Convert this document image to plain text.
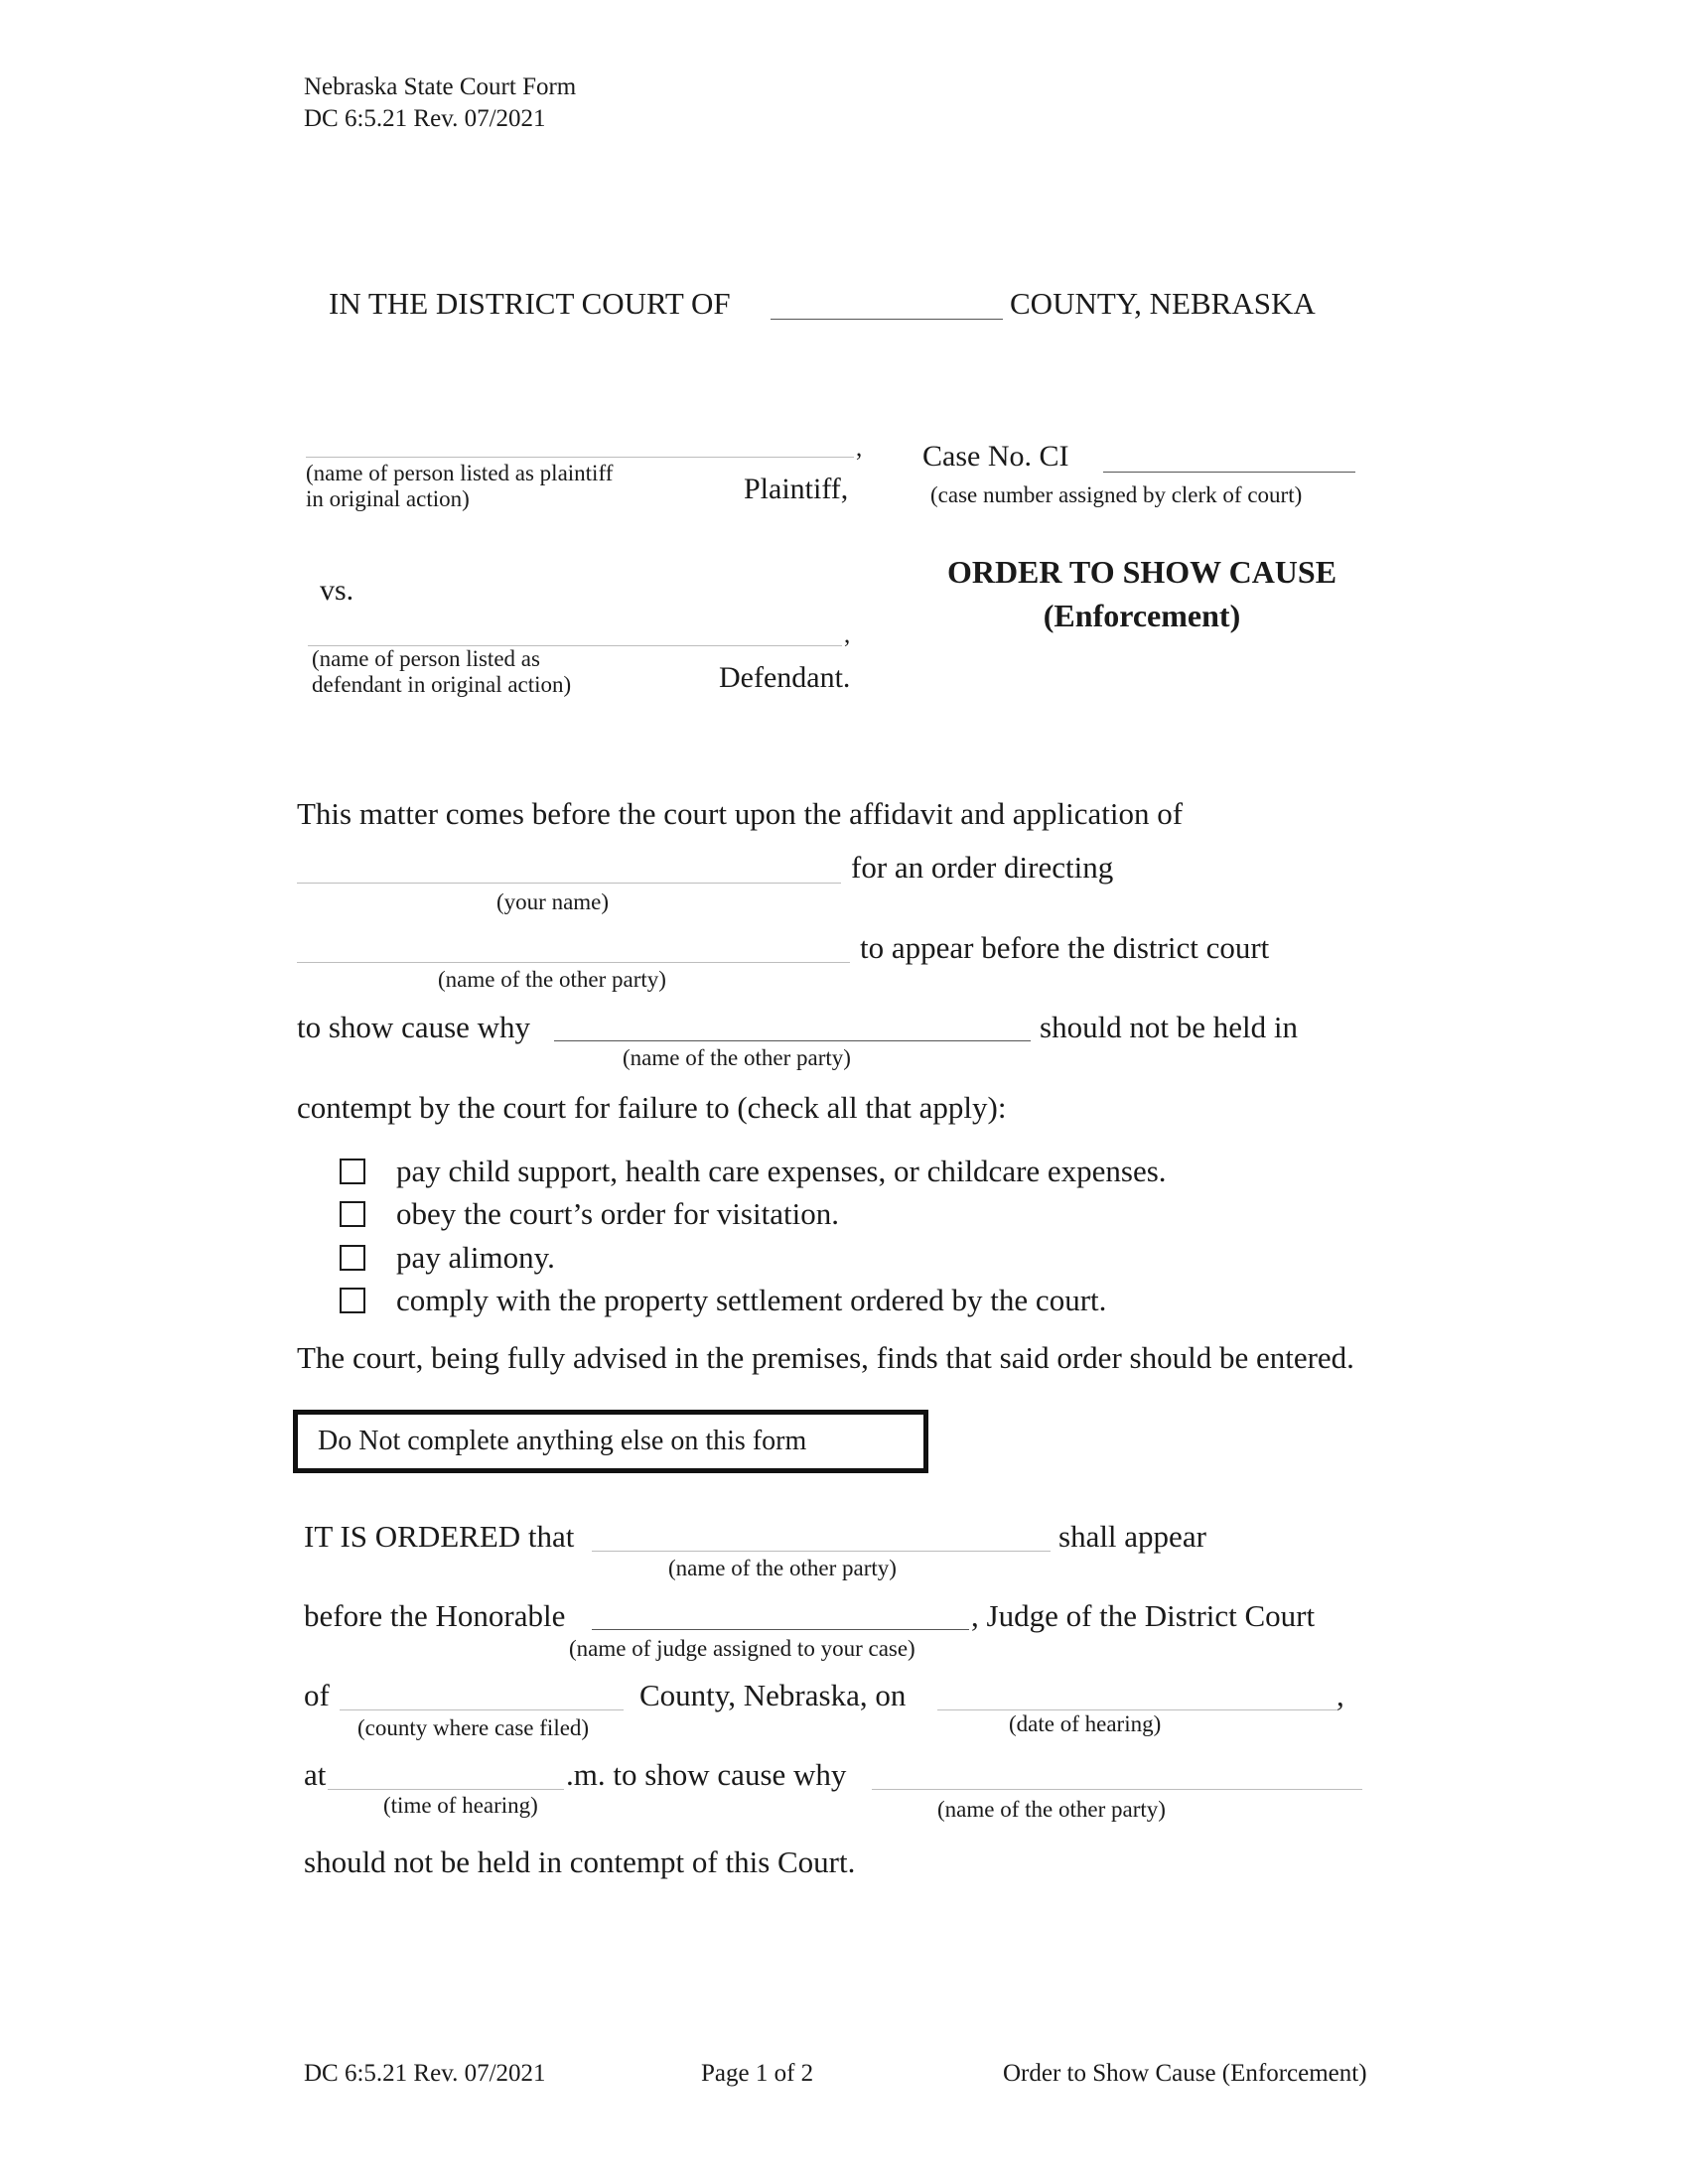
Nebraska State Court Form
DC 6:5.21 Rev. 07/2021
IN THE DISTRICT COURT OF	COUNTY, NEBRASKA
,
(name of person listed as plaintiff
in original action)	Plaintiff,
Case No. CI
(case number assigned by clerk of court)
ORDER TO SHOW CAUSE
(Enforcement)
vs.
,
(name of person listed as
defendant in original action)	Defendant.
This matter comes before the court upon the affidavit and application of
for an order directing
(your name)
to appear before the district court
(name of the other party)
to show cause why	should not be held in
(name of the other party)
contempt by the court for failure to (check all that apply):
pay child support, health care expenses, or childcare expenses.
obey the court’s order for visitation.
pay alimony.
comply with the property settlement ordered by the court.
The court, being fully advised in the premises, finds that said order should be entered.
Do Not complete anything else on this form
IT IS ORDERED that	shall appear
(name of the other party)
before the Honorable	, Judge of the District Court
(name of judge assigned to your case)
of	County, Nebraska, on	,
(county where case filed)	(date of hearing)
at	.m. to show cause why
(time of hearing)	(name of the other party)
should not be held in contempt of this Court.
DC 6:5.21 Rev. 07/2021	Page 1 of 2	Order to Show Cause (Enforcement)
